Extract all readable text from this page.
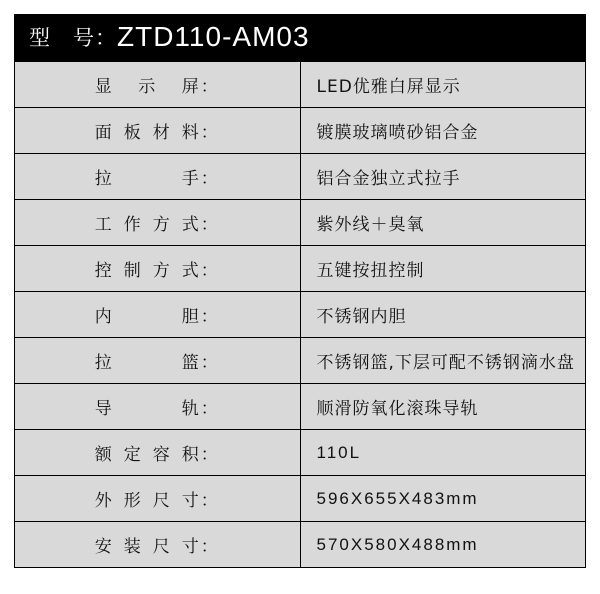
型　号：ZTD110-AM03	
显　示　屏 ：	LED优雅白屏显示
面板材料 ：	镀膜玻璃喷砂铝合金
拉　　手 ：	铝合金独立式拉手
工作方式 ：	紫外线＋臭氧
控制方式 ：	五键按扭控制
内　　胆 ：	不锈钢内胆
拉　　篮 ：	不锈钢篮,下层可配不锈钢滴水盘
导　　轨 ：	顺滑防氧化滚珠导轨
额定容积 ：	110L
外形尺寸 ：	596X655X483mm
安装尺寸 ：	570X580X488mm
